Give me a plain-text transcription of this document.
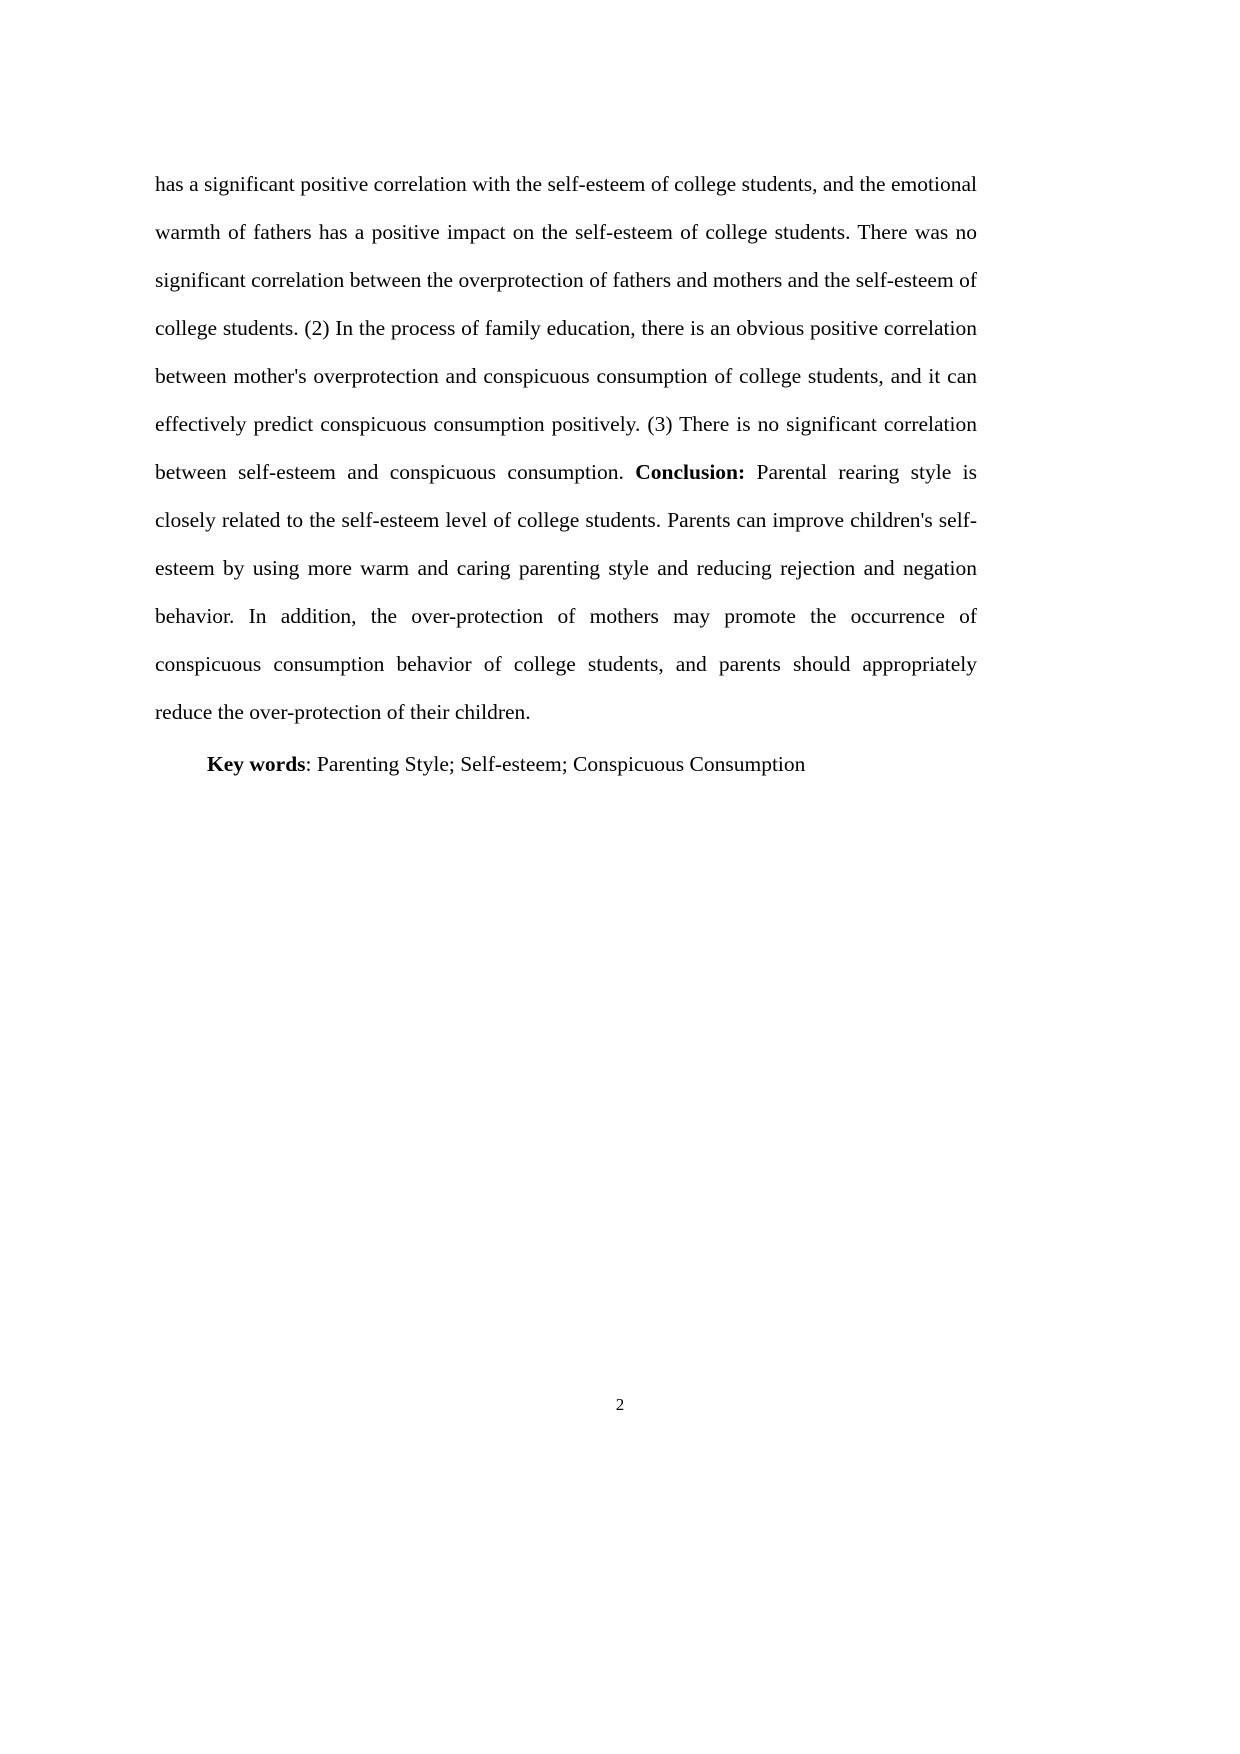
has a significant positive correlation with the self-esteem of college students, and the emotional warmth of fathers has a positive impact on the self-esteem of college students. There was no significant correlation between the overprotection of fathers and mothers and the self-esteem of college students. (2) In the process of family education, there is an obvious positive correlation between mother's overprotection and conspicuous consumption of college students, and it can effectively predict conspicuous consumption positively. (3) There is no significant correlation between self-esteem and conspicuous consumption. Conclusion: Parental rearing style is closely related to the self-esteem level of college students. Parents can improve children's self-esteem by using more warm and caring parenting style and reducing rejection and negation behavior. In addition, the over-protection of mothers may promote the occurrence of conspicuous consumption behavior of college students, and parents should appropriately reduce the over-protection of their children.

Key words: Parenting Style; Self-esteem; Conspicuous Consumption

2
